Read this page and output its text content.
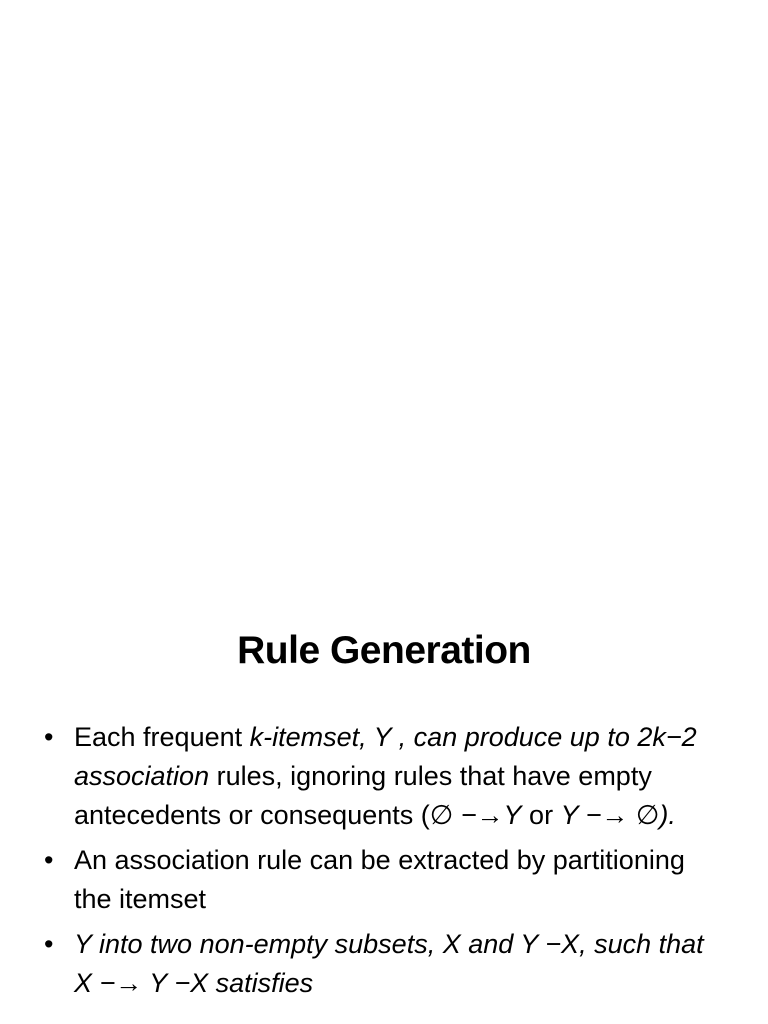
Rule Generation
• Each frequent k-itemset, Y , can produce up to 2k−2 association rules, ignoring rules that have empty antecedents or consequents (∅ −→Y or Y −→ ∅).
• An association rule can be extracted by partitioning the itemset
• Y into two non-empty subsets, X and Y −X, such that X −→ Y −X satisfies
